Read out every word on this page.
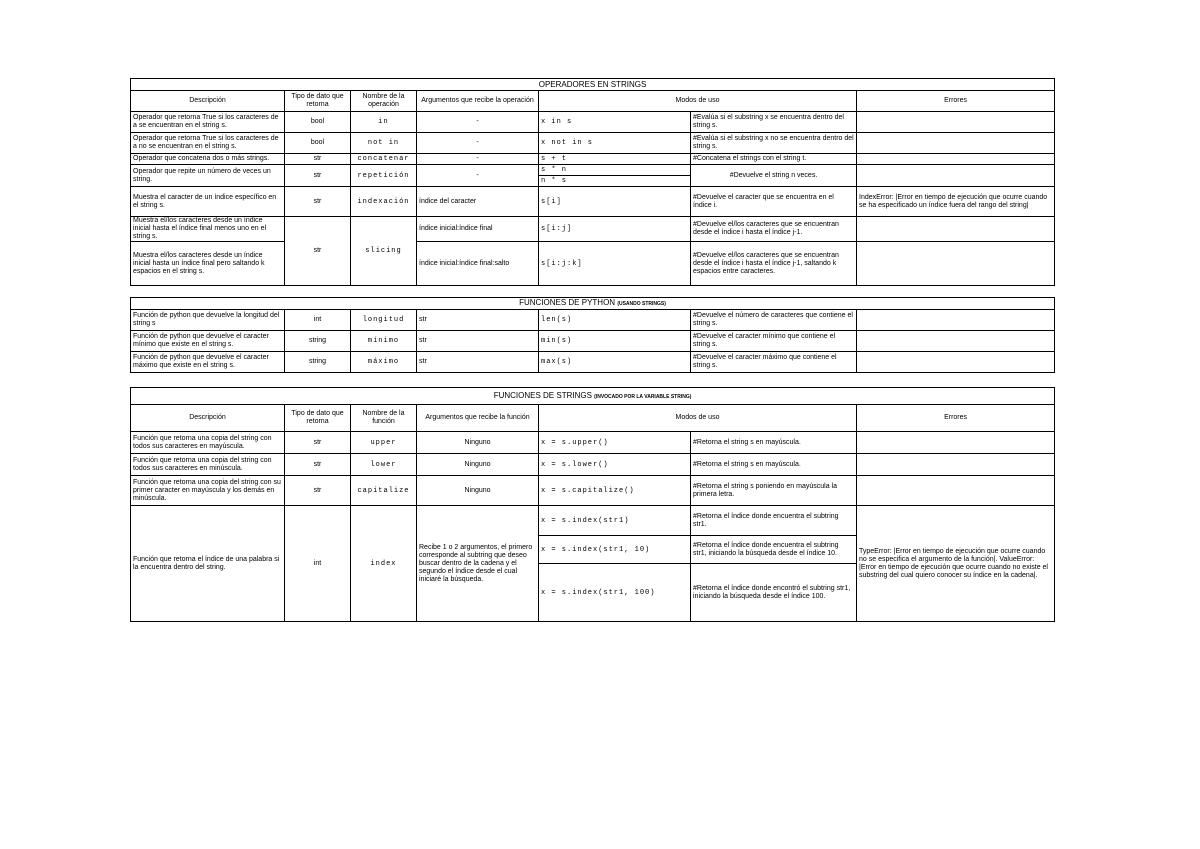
OPERADORES EN STRINGS						
Descripción	Tipo de dato que retorna	Nombre de la operación	Argumentos que recibe la operación	Modos de uso		Errores
Operador que retorna True si los caracteres de a se encuentran en el string s.	bool	in	-	x in s	#Evalúa si el substring x se encuentra dentro del string s.	
Operador que retorna True si los caracteres de a no se encuentran en el string s.	bool	not in	-	x not in s	#Evalúa si el substring x no se encuentra dentro del string s.	
Operador que concatena dos o más strings.	str	concatenar	-	s + t	#Concatena el strings con el string t.	
Operador que repite un número de veces un string.	str	repetición	-	s * n	#Devuelve el string n veces.	
				n * s		
Muestra el caracter de un índice específico en el string s.	str	indexación	índice del caracter	s[i]	#Devuelve el caracter que se encuentra en el índice i.	IndexError: |Error en tiempo de ejecución que ocurre cuando se ha especificado un índice fuera del rango del string|
Muestra el/los caracteres desde un índice inicial hasta el índice final menos uno en el string s.	str	slicing	índice inicial:índice final	s[i:j]	#Devuelve el/los caracteres que se encuentran desde el índice i hasta el índice j-1.	
Muestra el/los caracteres desde un índice inicial hasta un índice final pero saltando k espacios en el string s.			índice inicial:índice final:salto	s[i:j:k]	#Devuelve el/los caracteres que se encuentran desde el índice i hasta el índice j-1, saltando k espacios entre caracteres.	
FUNCIONES DE PYTHON (USANDO STRINGS)						
Función de python que devuelve la longitud del string s	int	longitud	str	len(s)	#Devuelve el número de caracteres que contiene el string s.	
Función de python que devuelve el caracter mínimo que existe en el string s.	string	mínimo	str	min(s)	#Devuelve el caracter mínimo que contiene el string s.	
Función de python que devuelve el caracter máximo que existe en el string s.	string	máximo	str	max(s)	#Devuelve el caracter máximo que contiene el string s.	
FUNCIONES DE STRINGS (INVOCADO POR LA VARIABLE STRING)						
Descripción	Tipo de dato que retorna	Nombre de la función	Argumentos que recibe la función	Modos de uso		Errores
Función que retorna una copia del string con todos sus caracteres en mayúscula.	str	upper	Ninguno	x = s.upper()	#Retorna el string s en mayúscula.	
Función que retorna una copia del string con todos sus caracteres en minúscula.	str	lower	Ninguno	x = s.lower()	#Retorna el string s en mayúscula.	
Función que retorna una copia del string con su primer caracter en mayúscula y los demás en minúscula.	str	capitalize	Ninguno	x = s.capitalize()	#Retorna el string s poniendo en mayúscula la primera letra.	
Función que retorna el índice de una palabra si la encuentra dentro del string.	int	index	Recibe 1 o 2 argumentos, el primero corresponde al subtring que deseo buscar dentro de la cadena y el segundo el índice desde el cual iniciaré la búsqueda.	x = s.index(str1)	#Retorna el índice donde encuentra el subtring str1.	TypeError: |Error en tiempo de ejecución que ocurre cuando no se especifica el argumento de la función|. ValueError: |Error en tiempo de ejecución que ocurre cuando no existe el substring del cual quiero conocer su índice en la cadena|.
				x = s.index(str1, 10)	#Retorna el índice donde encuentra el subtring str1, iniciando la búsqueda desde el índice 10.	
				x = s.index(str1, 100)	#Retorna el índice donde encontró el subtring str1, iniciando la búsqueda desde el índice 100.	
